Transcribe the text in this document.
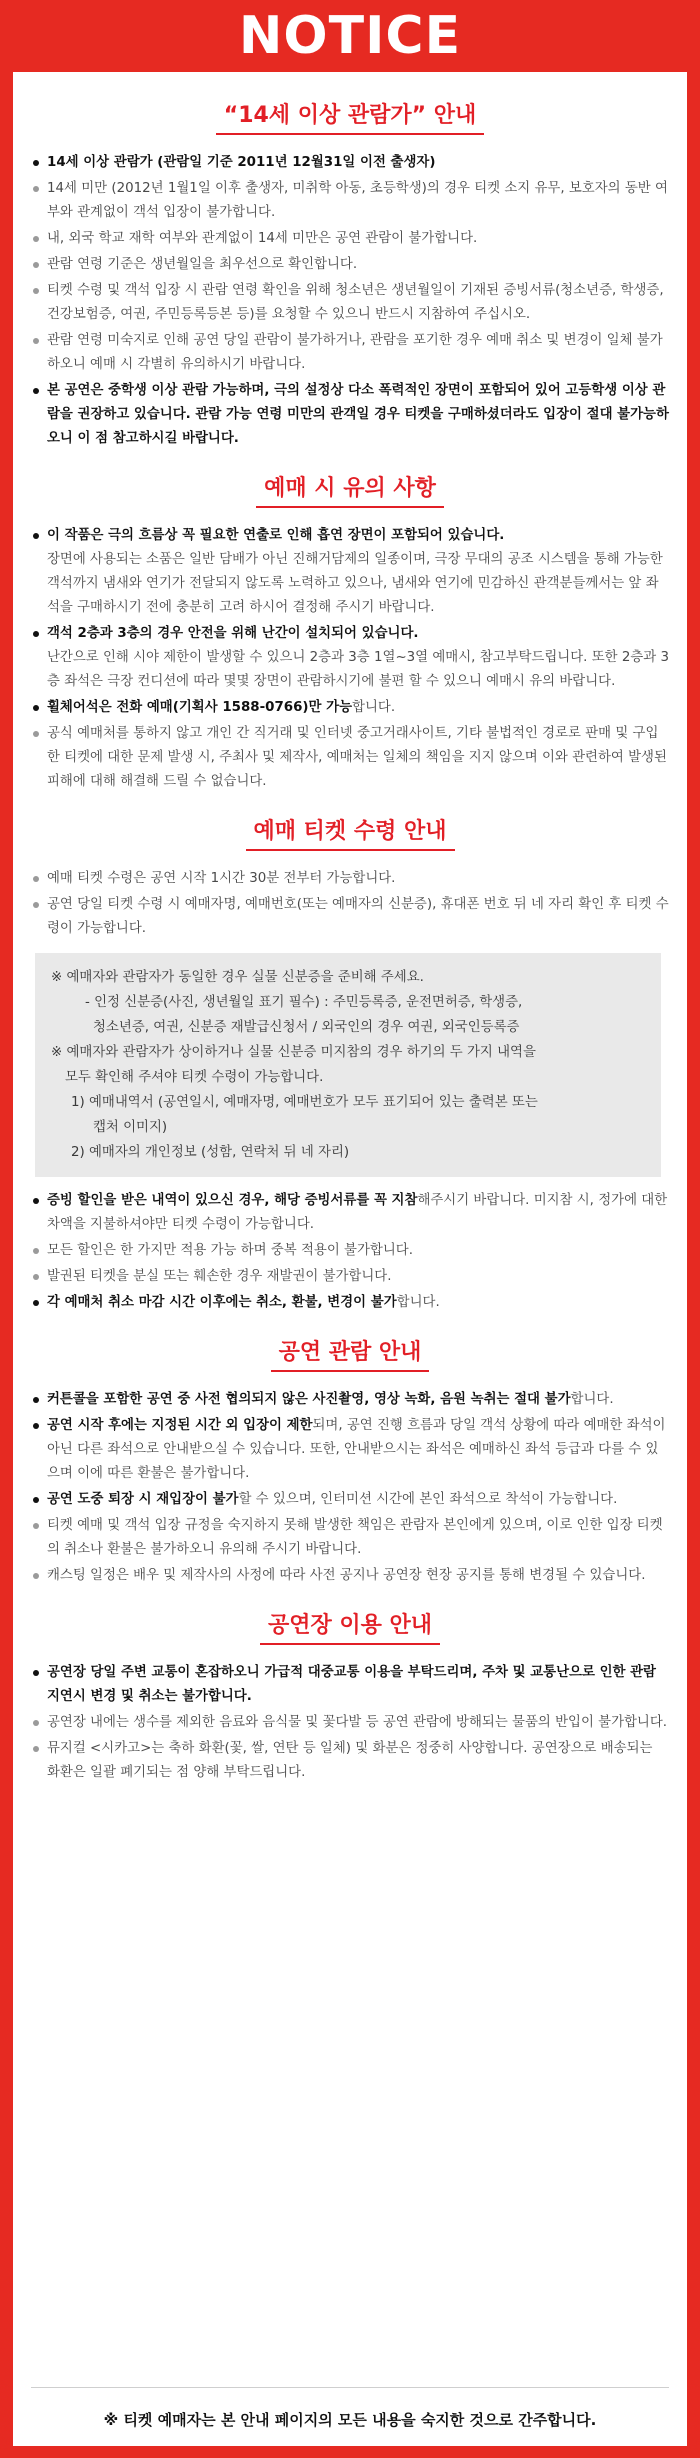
NOTICE
“14세 이상 관람가” 안내
14세 이상 관람가 (관람일 기준 2011년 12월31일 이전 출생자)
14세 미만 (2012년 1월1일 이후 출생자, 미취학 아동, 초등학생)의 경우 티켓 소지 유무, 보호자의 동반 여부와 관계없이 객석 입장이 불가합니다.
내, 외국 학교 재학 여부와 관계없이 14세 미만은 공연 관람이 불가합니다.
관람 연령 기준은 생년월일을 최우선으로 확인합니다.
티켓 수령 및 객석 입장 시 관람 연령 확인을 위해 청소년은 생년월일이 기재된 증빙서류(청소년증, 학생증, 건강보험증, 여권, 주민등록등본 등)를 요청할 수 있으니 반드시 지참하여 주십시오.
관람 연령 미숙지로 인해 공연 당일 관람이 불가하거나, 관람을 포기한 경우 예매 취소 및 변경이 일체 불가하오니 예매 시 각별히 유의하시기 바랍니다.
본 공연은 중학생 이상 관람 가능하며, 극의 설정상 다소 폭력적인 장면이 포함되어 있어 고등학생 이상 관람을 권장하고 있습니다. 관람 가능 연령 미만의 관객일 경우 티켓을 구매하셨더라도 입장이 절대 불가능하오니 이 점 참고하시길 바랍니다.
예매 시 유의 사항
이 작품은 극의 흐름상 꼭 필요한 연출로 인해 흡연 장면이 포함되어 있습니다.
장면에 사용되는 소품은 일반 담배가 아닌 진해거담제의 일종이며, 극장 무대의 공조 시스템을 통해 가능한 객석까지 냄새와 연기가 전달되지 않도록 노력하고 있으나, 냄새와 연기에 민감하신 관객분들께서는 앞 좌석을 구매하시기 전에 충분히 고려 하시어 결정해 주시기 바랍니다.
객석 2층과 3층의 경우 안전을 위해 난간이 설치되어 있습니다.
난간으로 인해 시야 제한이 발생할 수 있으니 2층과 3층 1열~3열 예매시, 참고부탁드립니다. 또한 2층과 3층 좌석은 극장 컨디션에 따라 몇몇 장면이 관람하시기에 불편 할 수 있으니 예매시 유의 바랍니다.
휠체어석은 전화 예매(기획사 1588-0766)만 가능합니다.
공식 예매처를 통하지 않고 개인 간 직거래 및 인터넷 중고거래사이트, 기타 불법적인 경로로 판매 및 구입한 티켓에 대한 문제 발생 시, 주최사 및 제작사, 예매처는 일체의 책임을 지지 않으며 이와 관련하여 발생된 피해에 대해 해결해 드릴 수 없습니다.
예매 티켓 수령 안내
예매 티켓 수령은 공연 시작 1시간 30분 전부터 가능합니다.
공연 당일 티켓 수령 시 예매자명, 예매번호(또는 예매자의 신분증), 휴대폰 번호 뒤 네 자리 확인 후 티켓 수령이 가능합니다.

※ 예매자와 관람자가 동일한 경우 실물 신분증을 준비해 주세요.

- 인정 신분증(사진, 생년월일 표기 필수) : 주민등록증, 운전면허증, 학생증,

청소년증, 여권, 신분증 재발급신청서 / 외국인의 경우 여권, 외국인등록증

※ 예매자와 관람자가 상이하거나 실물 신분증 미지참의 경우 하기의 두 가지 내역을

모두 확인해 주셔야 티켓 수령이 가능합니다.

1) 예매내역서 (공연일시, 예매자명, 예매번호가 모두 표기되어 있는 출력본 또는

캡처 이미지)

2) 예매자의 개인정보 (성함, 연락처 뒤 네 자리)

증빙 할인을 받은 내역이 있으신 경우, 해당 증빙서류를 꼭 지참해주시기 바랍니다. 미지참 시, 정가에 대한 차액을 지불하셔야만 티켓 수령이 가능합니다.
모든 할인은 한 가지만 적용 가능 하며 중복 적용이 불가합니다.
발권된 티켓을 분실 또는 훼손한 경우 재발권이 불가합니다.
각 예매처 취소 마감 시간 이후에는 취소, 환불, 변경이 불가합니다.
공연 관람 안내
커튼콜을 포함한 공연 중 사전 협의되지 않은 사진촬영, 영상 녹화, 음원 녹취는 절대 불가합니다.
공연 시작 후에는 지정된 시간 외 입장이 제한되며, 공연 진행 흐름과 당일 객석 상황에 따라 예매한 좌석이 아닌 다른 좌석으로 안내받으실 수 있습니다. 또한, 안내받으시는 좌석은 예매하신 좌석 등급과 다를 수 있으며 이에 따른 환불은 불가합니다.
공연 도중 퇴장 시 재입장이 불가할 수 있으며, 인터미션 시간에 본인 좌석으로 착석이 가능합니다.
티켓 예매 및 객석 입장 규정을 숙지하지 못해 발생한 책임은 관람자 본인에게 있으며, 이로 인한 입장 티켓의 취소나 환불은 불가하오니 유의해 주시기 바랍니다.
캐스팅 일정은 배우 및 제작사의 사정에 따라 사전 공지나 공연장 현장 공지를 통해 변경될 수 있습니다.
공연장 이용 안내
공연장 당일 주변 교통이 혼잡하오니 가급적 대중교통 이용을 부탁드리며, 주차 및 교통난으로 인한 관람 지연시 변경 및 취소는 불가합니다.
공연장 내에는 생수를 제외한 음료와 음식물 및 꽃다발 등 공연 관람에 방해되는 물품의 반입이 불가합니다.
뮤지컬 <시카고>는 축하 화환(꽃, 쌀, 연탄 등 일체) 및 화분은 정중히 사양합니다. 공연장으로 배송되는 화환은 일괄 폐기되는 점 양해 부탁드립니다.
※ 티켓 예매자는 본 안내 페이지의 모든 내용을 숙지한 것으로 간주합니다.
